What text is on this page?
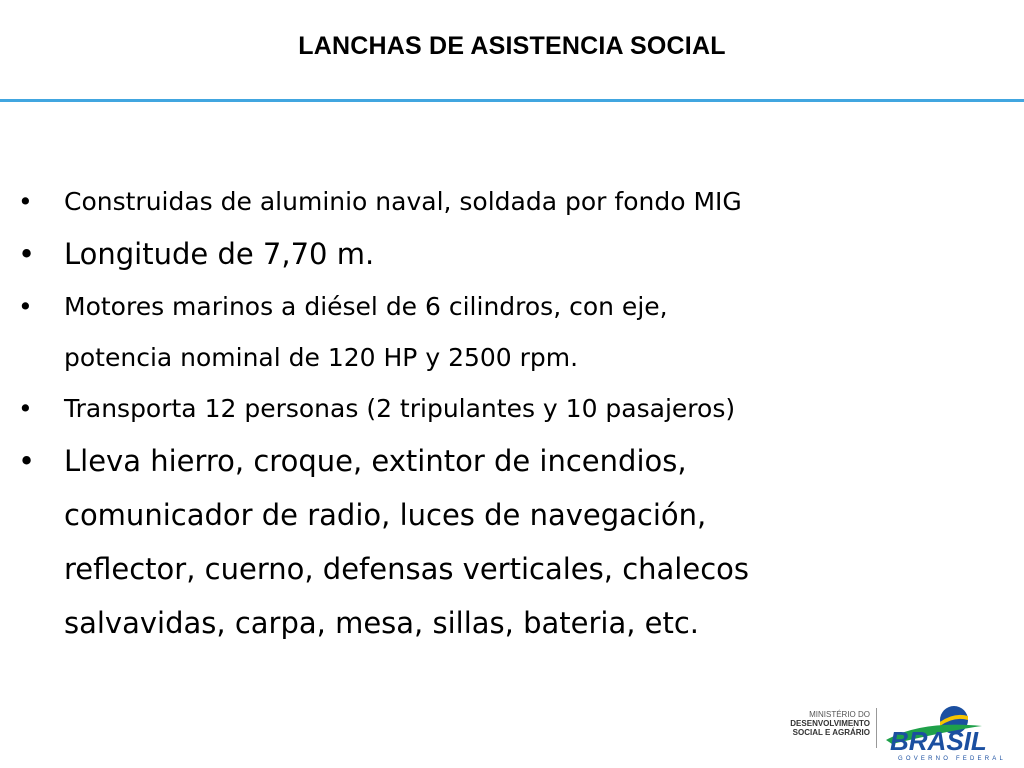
LANCHAS DE ASISTENCIA SOCIAL
• Construidas de aluminio naval, soldada por fondo MIG
• Longitude de 7,70 m.
• Motores marinos a diésel de 6 cilindros, con eje,
potencia nominal de 120 HP y 2500 rpm.
• Transporta 12 personas (2 tripulantes y 10 pasajeros)
• Lleva hierro, croque, extintor de incendios,
comunicador de radio, luces de navegación,
reflector, cuerno, defensas verticales, chalecos
salvavidas, carpa, mesa, sillas, bateria, etc.
MINISTÉRIO DO
DESENVOLVIMENTO
SOCIAL E AGRÁRIO BRASIL
GOVERNO FEDERAL
